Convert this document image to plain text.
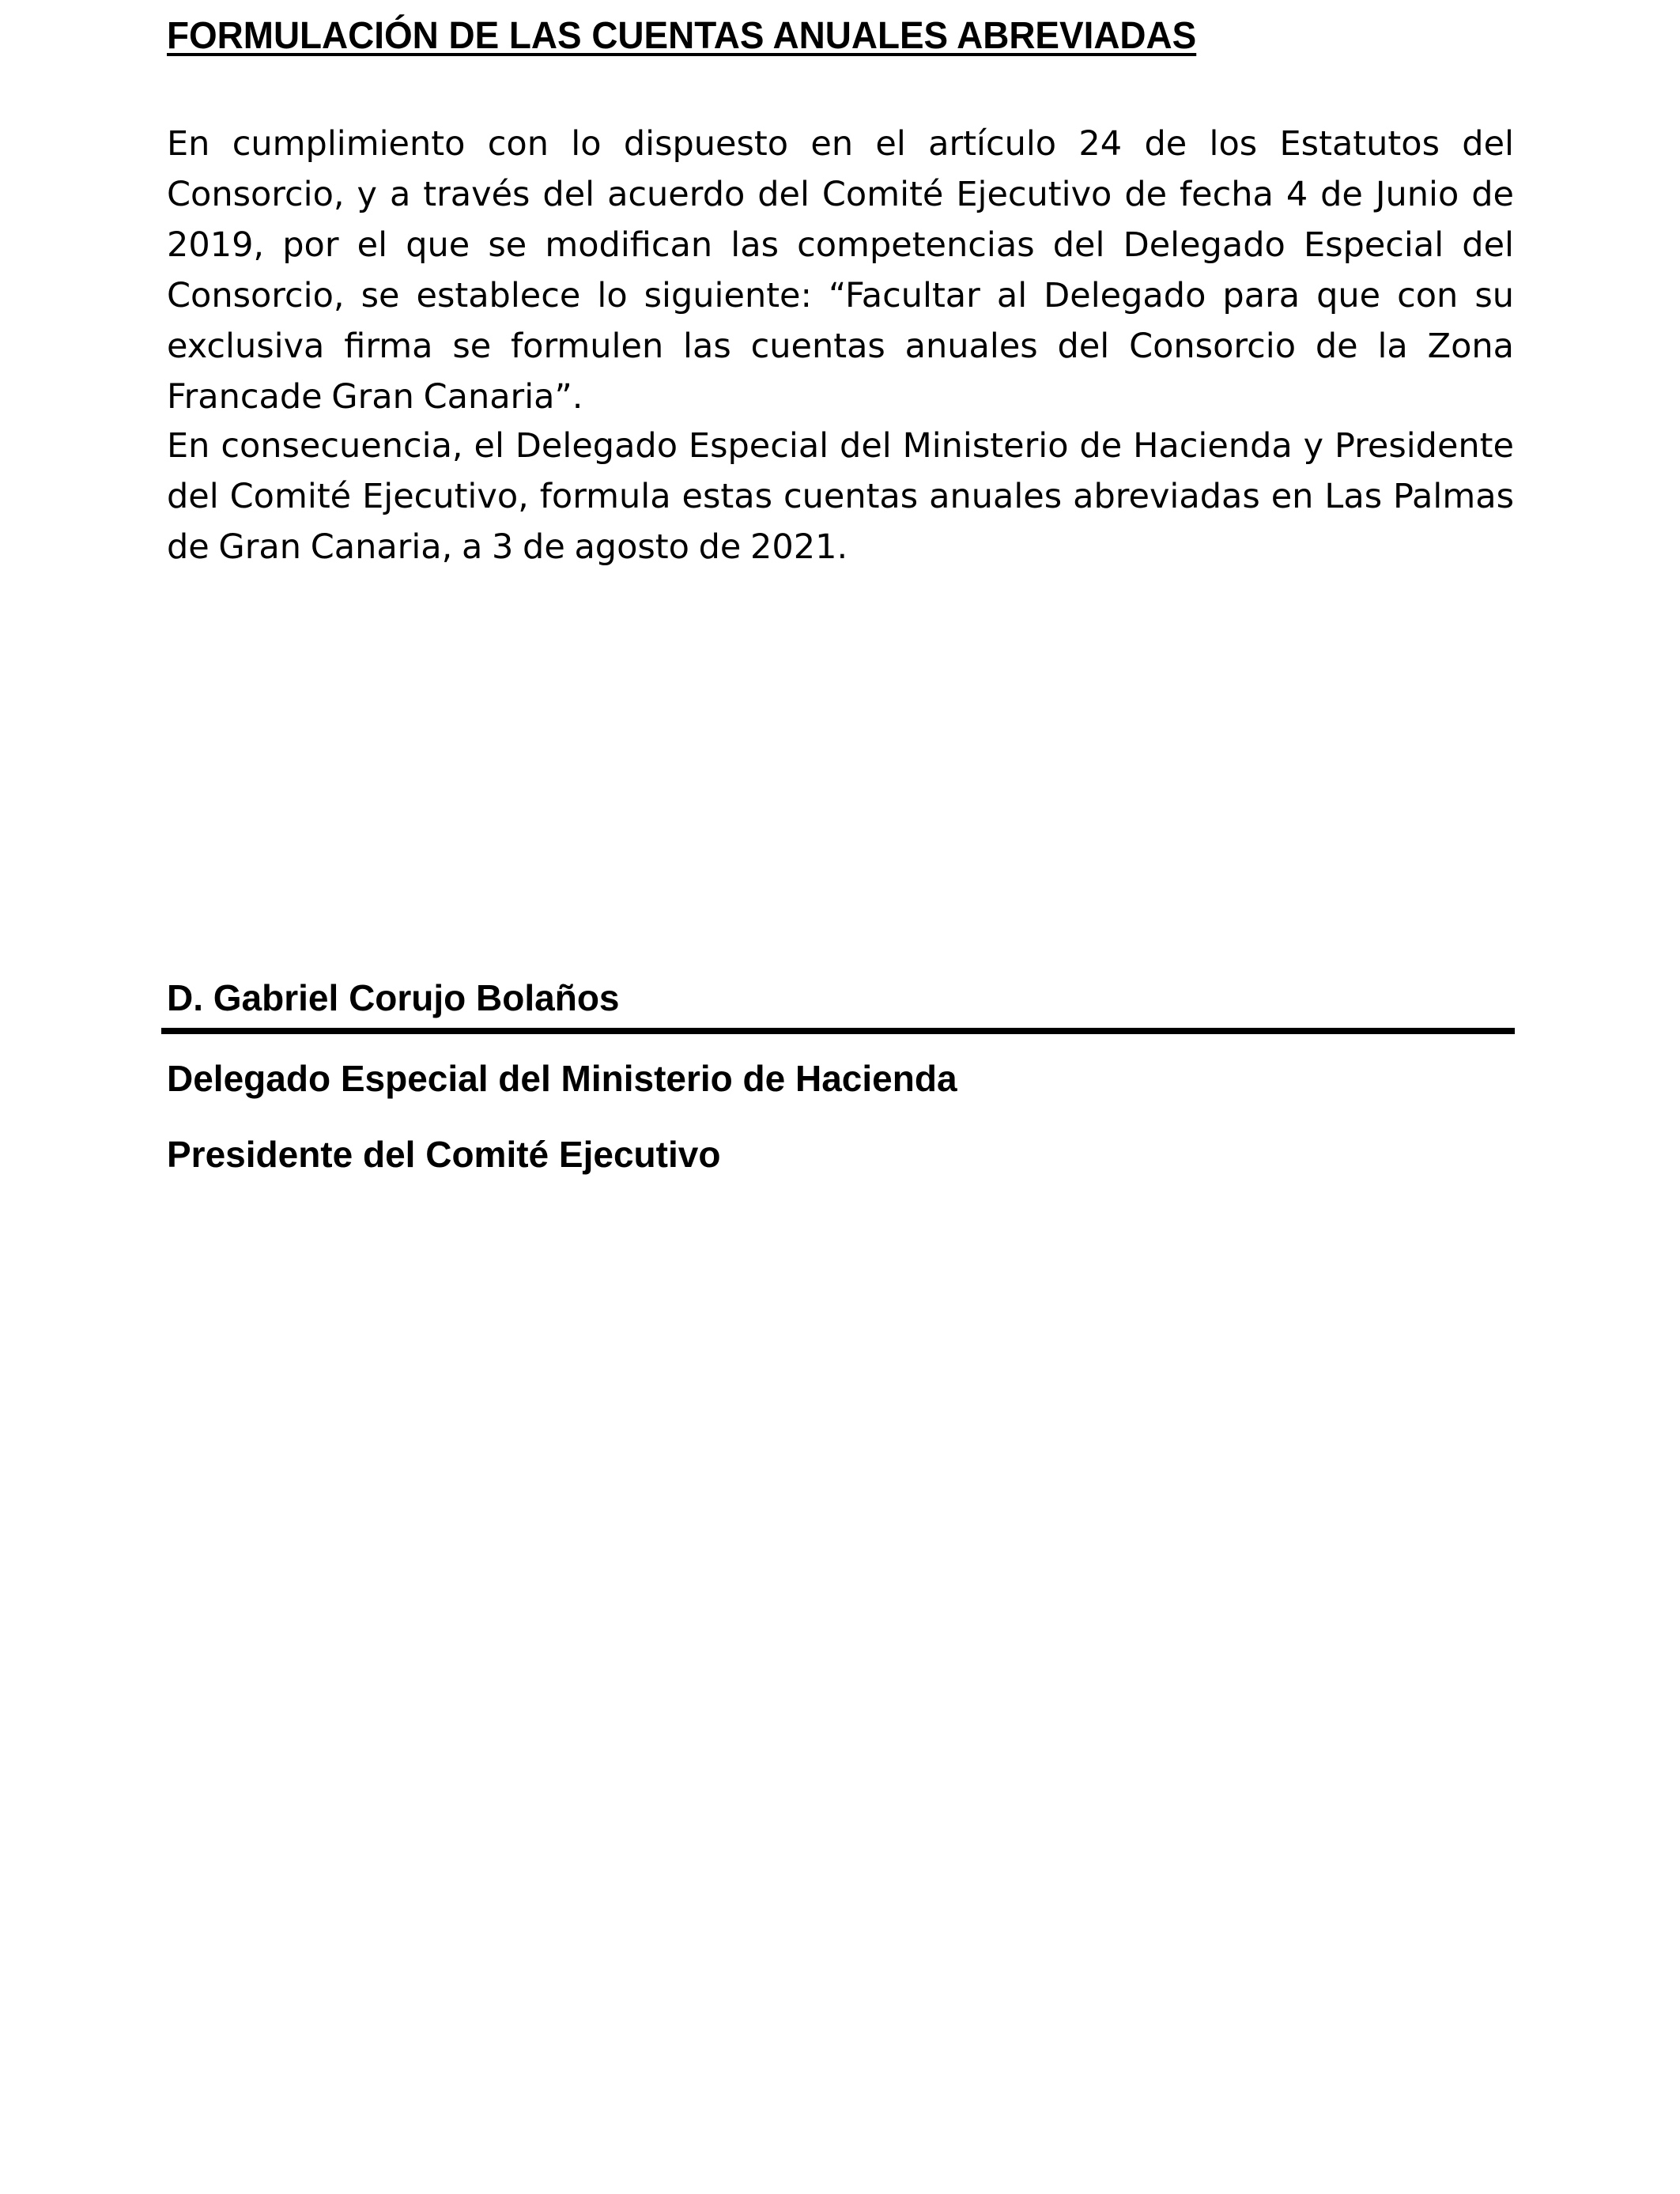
FORMULACIÓN DE LAS CUENTAS ANUALES ABREVIADAS

En cumplimiento con lo dispuesto en el artículo 24 de los Estatutos del Consorcio, y a través del acuerdo del Comité Ejecutivo de fecha 4 de Junio de 2019, por el que se modifican las competencias del Delegado Especial del Consorcio, se establece lo siguiente: “Facultar al Delegado para que con su exclusiva firma se formulen las cuentas anuales del Consorcio de la Zona Francade Gran Canaria”.

En consecuencia, el Delegado Especial del Ministerio de Hacienda y Presidente del Comité Ejecutivo, formula estas cuentas anuales abreviadas en Las Palmas de Gran Canaria, a 3 de agosto de 2021.

D. Gabriel Corujo Bolaños
Delegado Especial del Ministerio de Hacienda
Presidente del Comité Ejecutivo
